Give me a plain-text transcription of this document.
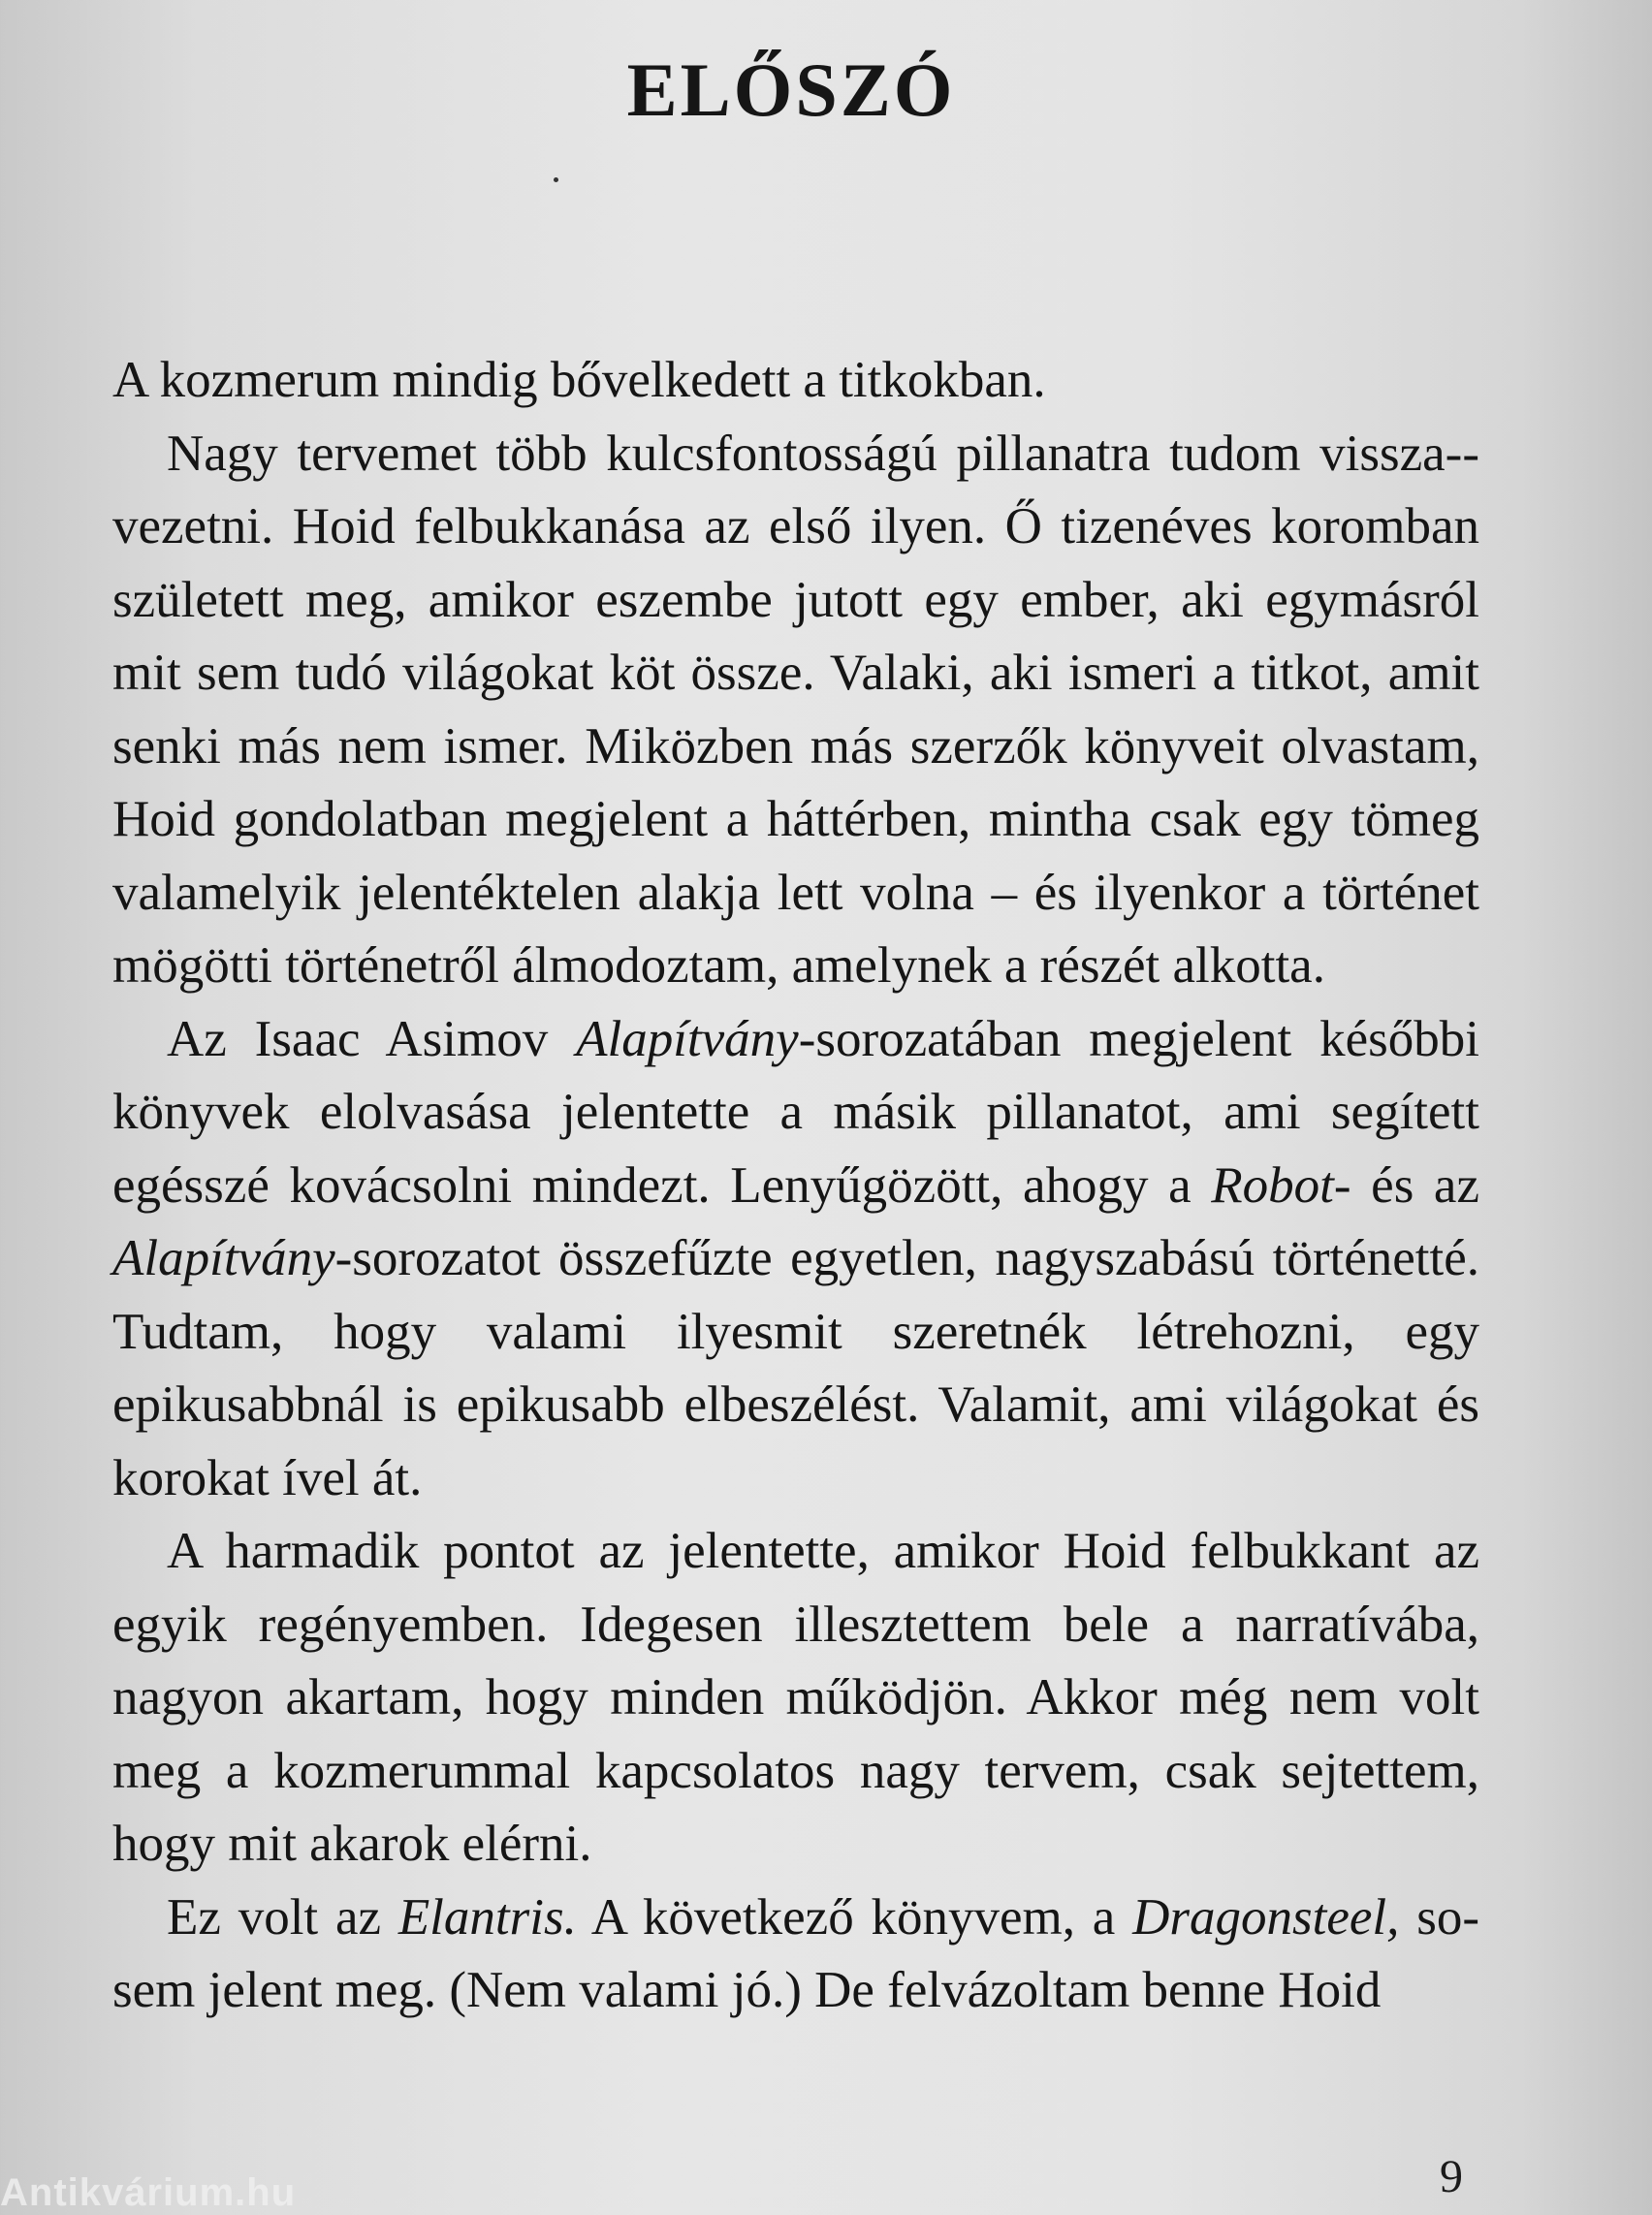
ELŐSZÓ

A kozmerum mindig bővelkedett a titkokban.

Nagy tervemet több kulcsfontosságú pillanatra tudom vissza-vezetni. Hoid felbukkanása az első ilyen. Ő tizenéves koromban született meg, amikor eszembe jutott egy ember, aki egymásról mit sem tudó világokat köt össze. Valaki, aki ismeri a titkot, amit senki más nem ismer. Miközben más szerzők könyveit olvastam, Hoid gondolatban megjelent a háttérben, mintha csak egy tömeg valamelyik jelentéktelen alakja lett volna – és ilyenkor a történet mögötti történetről álmodoztam, amelynek a részét alkotta.

Az Isaac Asimov Alapítvány-sorozatában megjelent későbbi könyvek elolvasása jelentette a másik pillanatot, ami segített egésszé kovácsolni mindezt. Lenyűgözött, ahogy a Robot- és az Alapítvány-sorozatot összefűzte egyetlen, nagyszabású történetté. Tudtam, hogy valami ilyesmit szeretnék létrehozni, egy epikusabbnál is epikusabb elbeszélést. Valamit, ami világokat és korokat ível át.

A harmadik pontot az jelentette, amikor Hoid felbukkant az egyik regényemben. Idegesen illesztettem bele a narratívába, nagyon akartam, hogy minden működjön. Akkor még nem volt meg a kozmerummal kapcsolatos nagy tervem, csak sejtettem, hogy mit akarok elérni.

Ez volt az Elantris. A következő könyvem, a Dragonsteel, sosem jelent meg. (Nem valami jó.) De felvázoltam benne Hoid

9
Antikvárium.hu
